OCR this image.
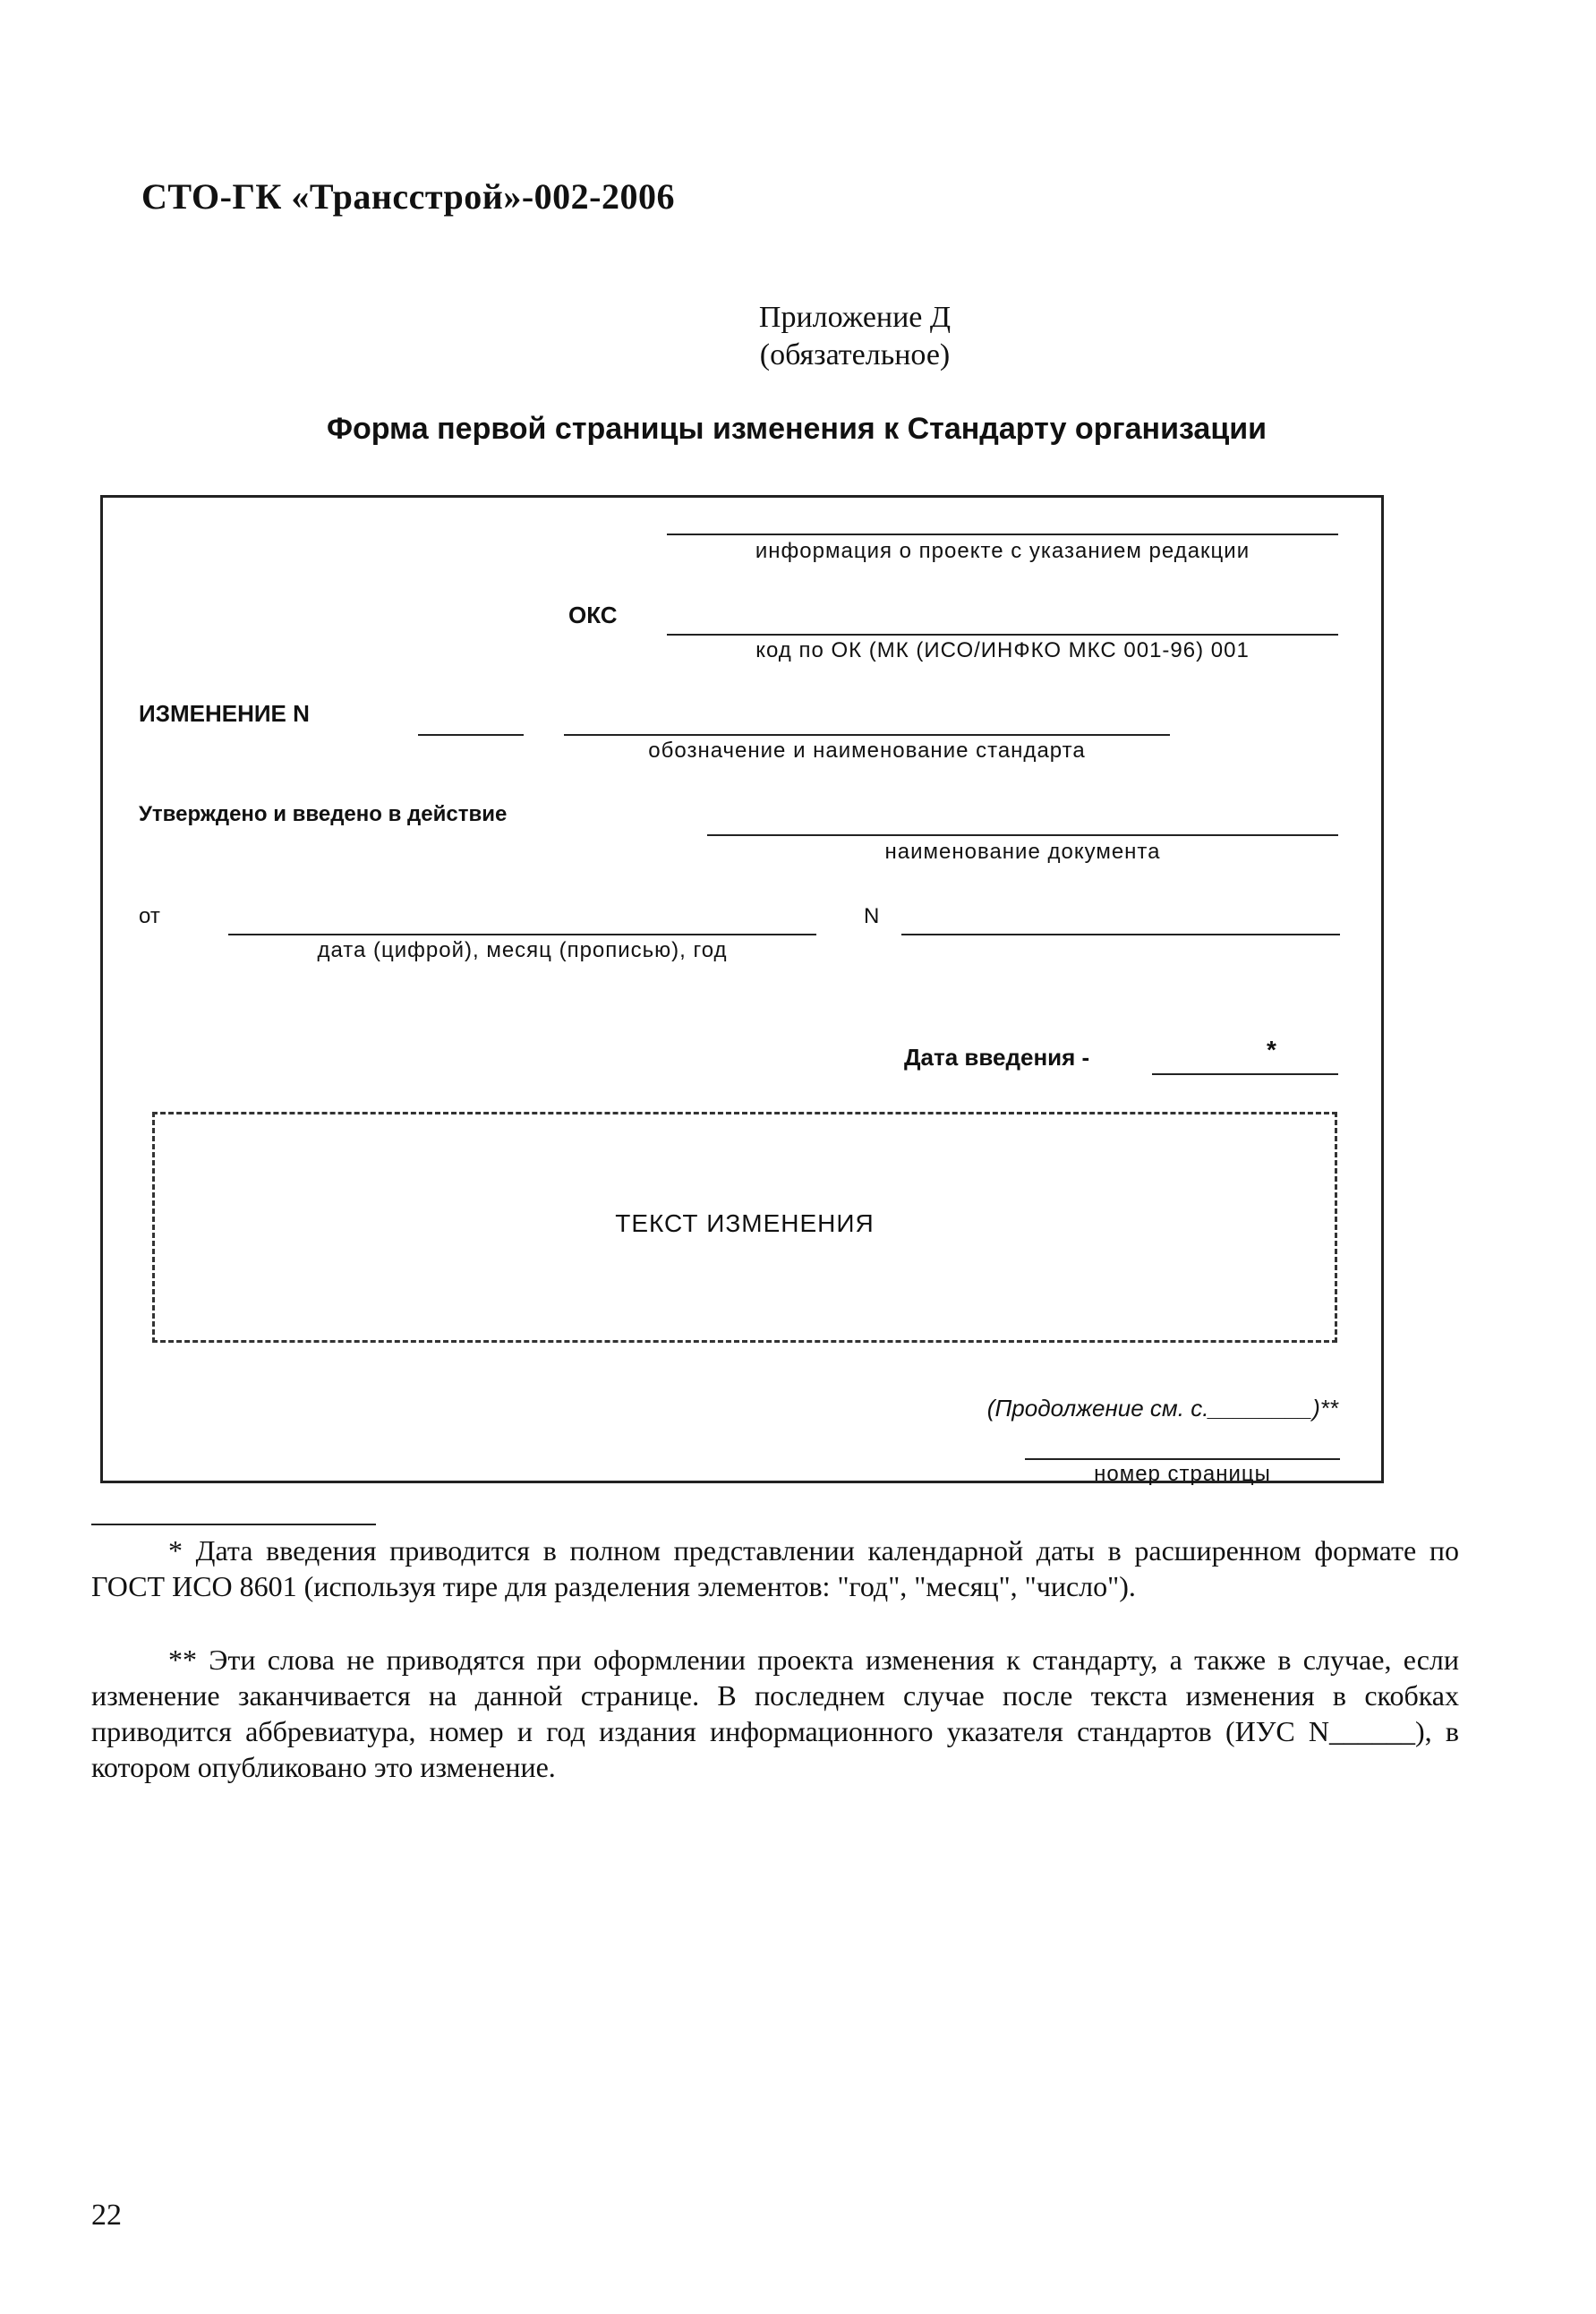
СТО-ГК «Трансстрой»-002-2006
Приложение Д
(обязательное)
Форма первой страницы изменения к Стандарту организации
информация о проекте с указанием редакции
ОКС
код по ОК (МК (ИСО/ИНФКО МКС 001-96) 001
ИЗМЕНЕНИЕ N
обозначение и наименование стандарта
Утверждено и введено в действие
наименование документа
от
дата (цифрой), месяц (прописью), год
N
Дата введения -	*
(Продолжение см. с.________)**
номер страницы
ТЕКСТ ИЗМЕНЕНИЯ
* Дата введения приводится в полном представлении календарной даты в расширенном формате по ГОСТ ИСО 8601 (используя тире для разделения элементов: "год", "месяц", "число").
** Эти слова не приводятся при оформлении проекта изменения к стандарту, а также в случае, если изменение заканчивается на данной странице. В последнем случае после текста изменения в скобках приводится аббревиатура, номер и год издания информационного указателя стандартов (ИУС N______), в котором опубликовано это изменение.
22
